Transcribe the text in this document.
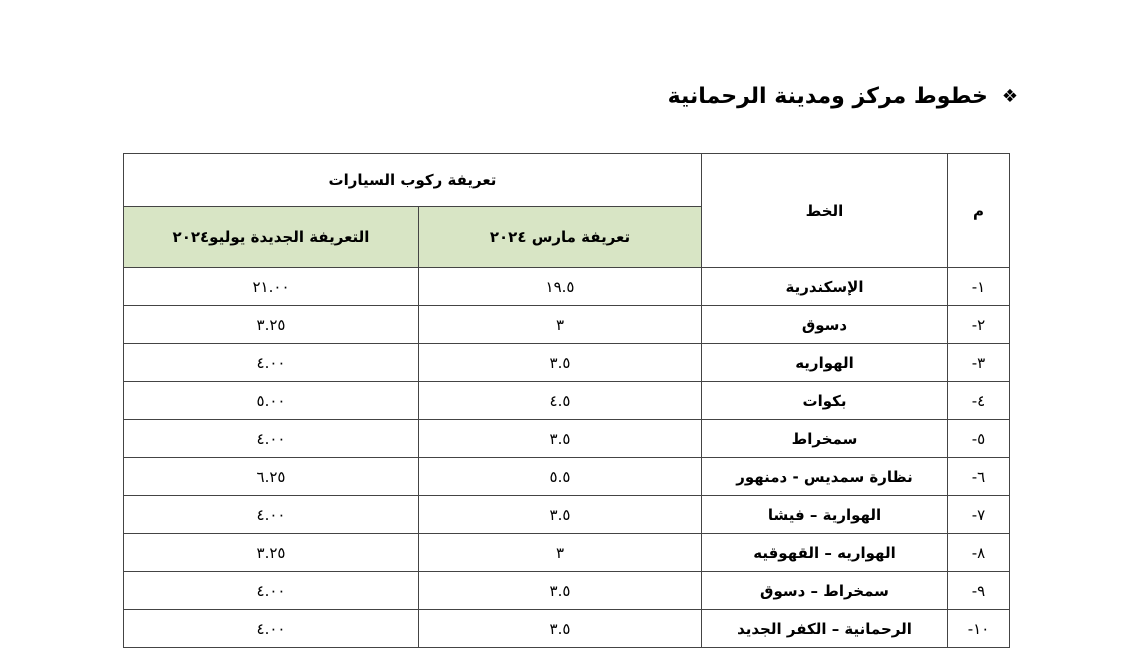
❖
خطوط مركز ومدينة الرحمانية
م	الخط	تعريفة ركوب السيارات	
		تعريفة مارس ٢٠٢٤	التعريفة الجديدة يوليو٢٠٢٤
١-	الإسكندرية	١٩.٥	٢١.٠٠
٢-	دسوق	٣	٣.٢٥
٣-	الهواريه	٣.٥	٤.٠٠
٤-	بكوات	٤.٥	٥.٠٠
٥-	سمخراط	٣.٥	٤.٠٠
٦-	نظارة سمديس - دمنهور	٥.٥	٦.٢٥
٧-	الهوارية – فيشا	٣.٥	٤.٠٠
٨-	الهواريه – القهوقيه	٣	٣.٢٥
٩-	سمخراط – دسوق	٣.٥	٤.٠٠
١٠-	الرحمانية – الكفر الجديد	٣.٥	٤.٠٠
